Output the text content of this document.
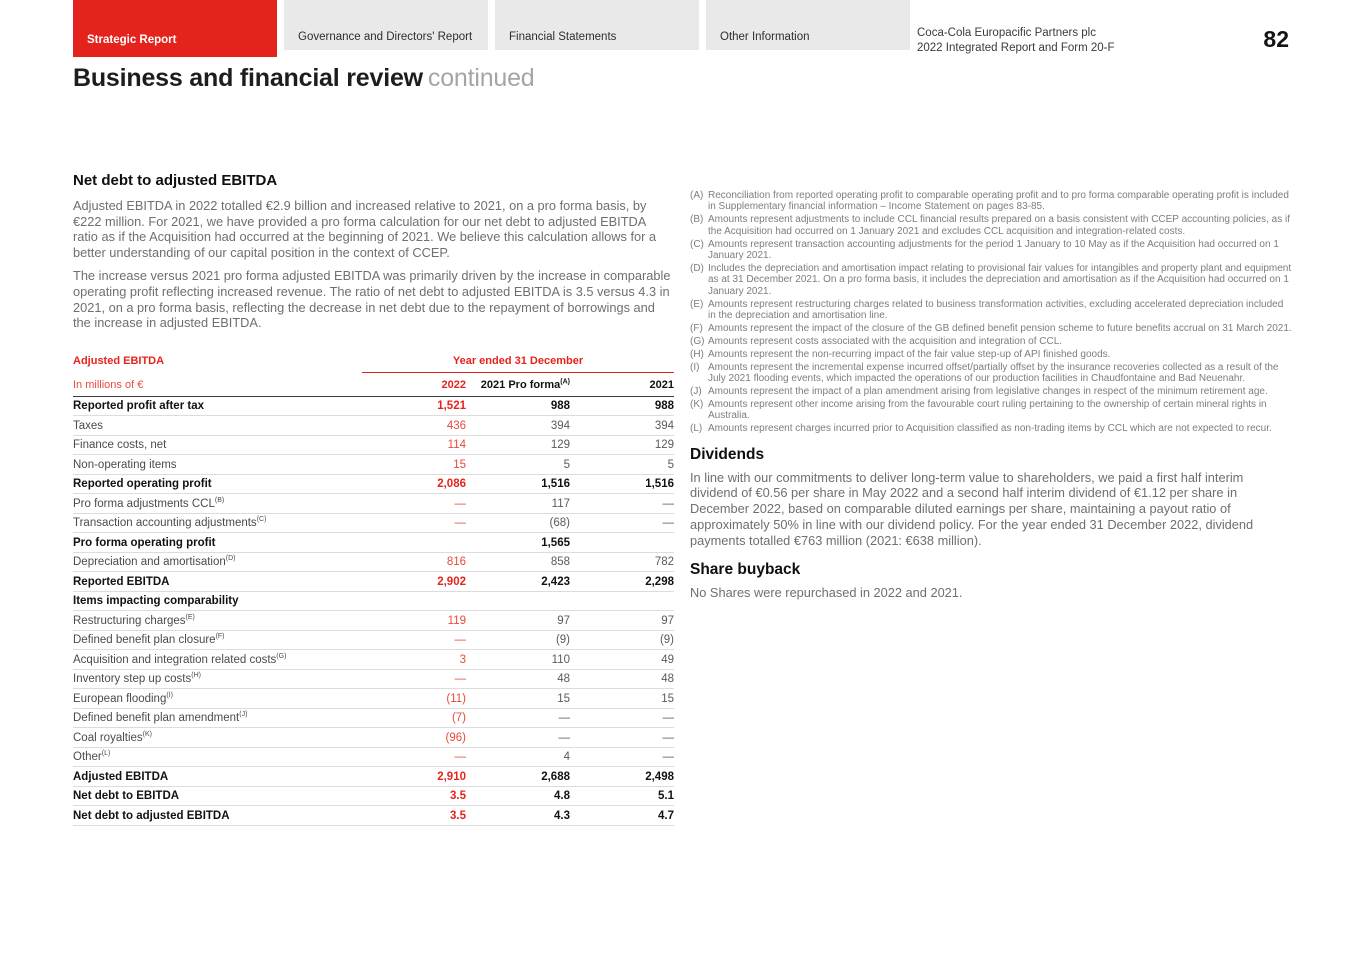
Strategic Report	Governance and Directors' Report	Financial Statements	Other Information	Coca-Cola Europacific Partners plc
2022 Integrated Report and Form 20-F	82
Business and financial review continued
Net debt to adjusted EBITDA

Adjusted EBITDA in 2022 totalled €2.9 billion and increased relative to 2021, on a pro forma basis, by €222 million. For 2021, we have provided a pro forma calculation for our net debt to adjusted EBITDA ratio as if the Acquisition had occurred at the beginning of 2021. We believe this calculation allows for a better understanding of our capital position in the context of CCEP.

The increase versus 2021 pro forma adjusted EBITDA was primarily driven by the increase in comparable operating profit reflecting increased revenue. The ratio of net debt to adjusted EBITDA is 3.5 versus 4.3 in 2021, on a pro forma basis, reflecting the decrease in net debt due to the repayment of borrowings and the increase in adjusted EBITDA.

Adjusted EBITDA	Year ended 31 December		
In millions of €	2022	2021 Pro forma$^{(A)}$	2021
Reported profit after tax	1,521	988	988
Taxes	436	394	394
Finance costs, net	114	129	129
Non-operating items	15	5	5
Reported operating profit	2,086	1,516	1,516
Pro forma adjustments $CCL^{(B)}$	—	117	—
Transaction accounting adjustments$^{(C)}$	—	(68)	—
Pro forma operating profit		1,565	
Depreciation and amortisation$^{(D)}$	816	858	782
Reported EBITDA	2,902	2,423	2,298
Items impacting comparability			
Restructuring charges$^{(E)}$	119	97	97
Defined benefit plan closure$^{(F)}$	—	(9)	(9)
Acquisition and integration related costs$^{(G)}$	3	110	49
Inventory step up costs$^{(H)}$	—	48	48
European flooding$^{(I)}$	(11)	15	15
Defined benefit plan amendment$^{(J)}$	(7)	—	—
Coal royalties$^{(K)}$	(96)	—	—
Other$^{(L)}$	—	4	—
Adjusted EBITDA	2,910	2,688	2,498
Net debt to EBITDA	3.5	4.8	5.1
Net debt to adjusted EBITDA	3.5	4.3	4.7
(A) Reconciliation from reported operating profit to comparable operating profit and to pro forma comparable operating profit is included in Supplementary financial information – Income Statement on pages 83-85.
(B) Amounts represent adjustments to include CCL financial results prepared on a basis consistent with CCEP accounting policies, as if the Acquisition had occurred on 1 January 2021 and excludes CCL acquisition and integration-related costs.
(C) Amounts represent transaction accounting adjustments for the period 1 January to 10 May as if the Acquisition had occurred on 1 January 2021.
(D) Includes the depreciation and amortisation impact relating to provisional fair values for intangibles and property plant and equipment as at 31 December 2021. On a pro forma basis, it includes the depreciation and amortisation as if the Acquisition had occurred on 1 January 2021.
(E) Amounts represent restructuring charges related to business transformation activities, excluding accelerated depreciation included in the depreciation and amortisation line.
(F) Amounts represent the impact of the closure of the GB defined benefit pension scheme to future benefits accrual on 31 March 2021.
(G) Amounts represent costs associated with the acquisition and integration of CCL.
(H) Amounts represent the non-recurring impact of the fair value step-up of API finished goods.
(I) Amounts represent the incremental expense incurred offset/partially offset by the insurance recoveries collected as a result of the July 2021 flooding events, which impacted the operations of our production facilities in Chaudfontaine and Bad Neuenahr.
(J) Amounts represent the impact of a plan amendment arising from legislative changes in respect of the minimum retirement age.
(K) Amounts represent other income arising from the favourable court ruling pertaining to the ownership of certain mineral rights in Australia.
(L) Amounts represent charges incurred prior to Acquisition classified as non-trading items by CCL which are not expected to recur.
Dividends

In line with our commitments to deliver long-term value to shareholders, we paid a first half interim dividend of €0.56 per share in May 2022 and a second half interim dividend of €1.12 per share in December 2022, based on comparable diluted earnings per share, maintaining a payout ratio of approximately 50% in line with our dividend policy. For the year ended 31 December 2022, dividend payments totalled €763 million (2021: €638 million).

Share buyback

No Shares were repurchased in 2022 and 2021.
